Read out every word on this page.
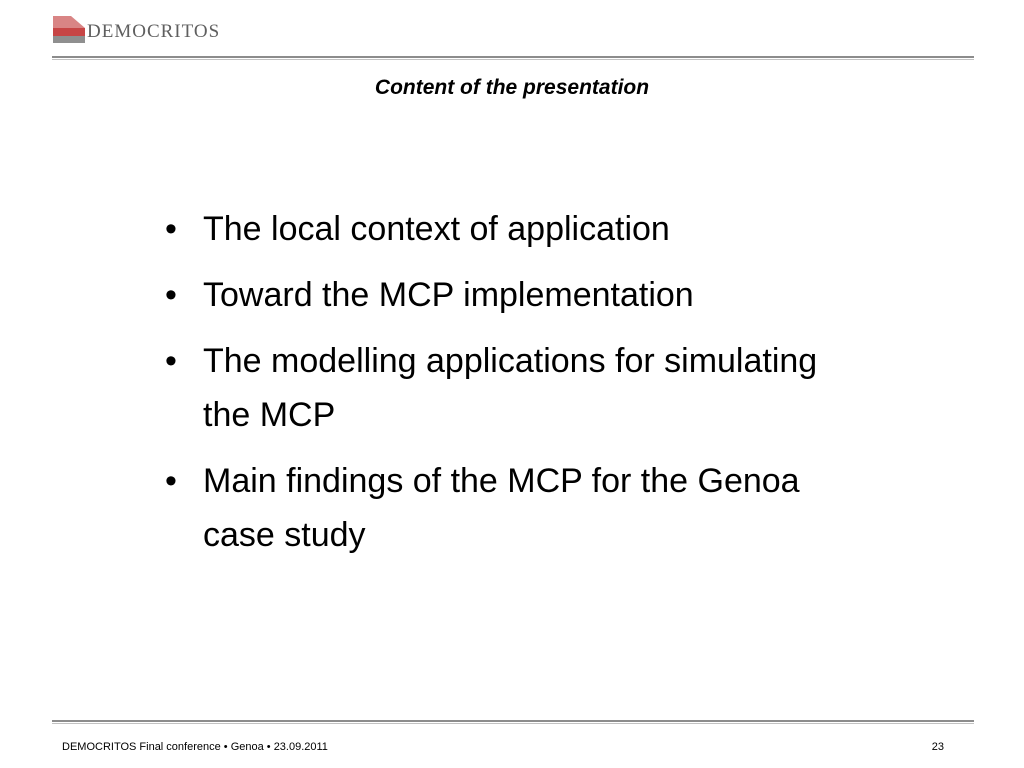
DEMOCRITOS
Content of the presentation
• The local context of application
• Toward the MCP implementation
• The modelling applications for simulating the MCP
• Main findings of the MCP for the Genoa case study
DEMOCRITOS Final conference • Genoa • 23.09.2011	23
